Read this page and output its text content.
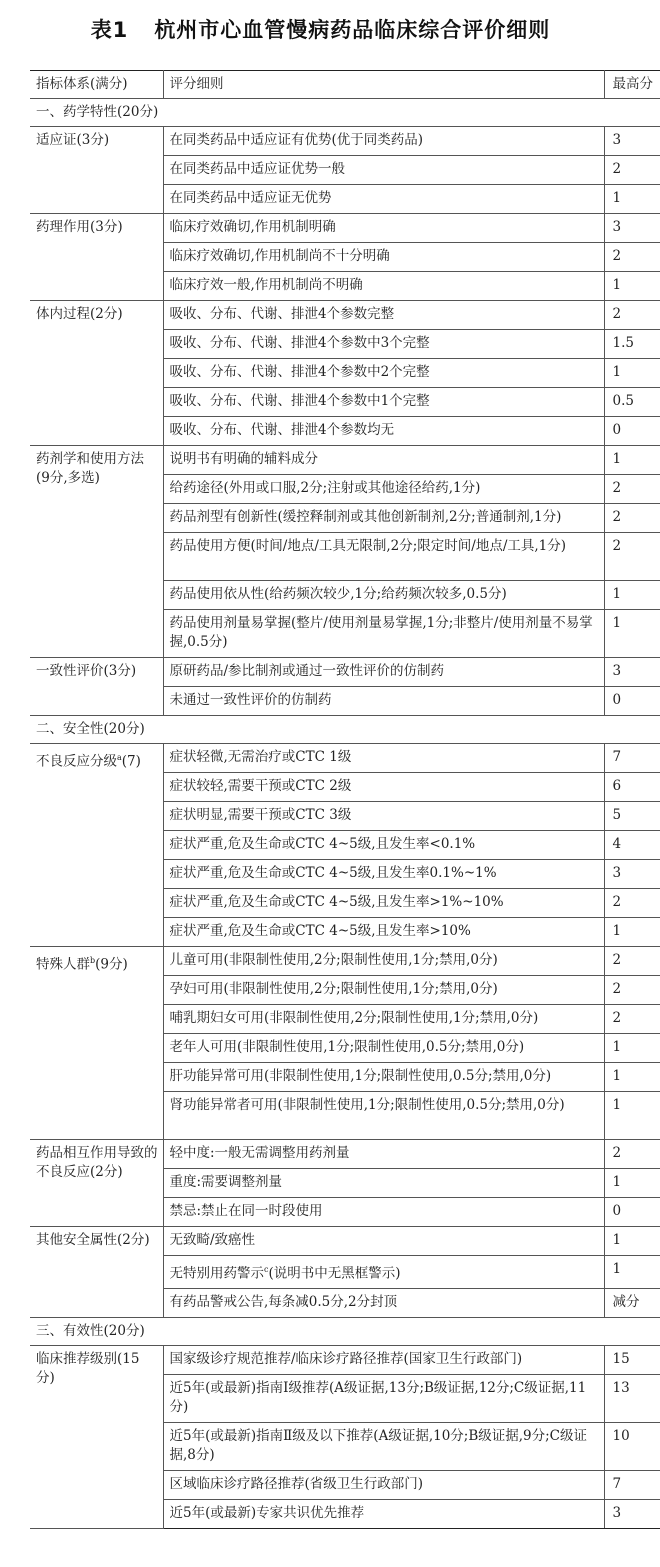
表1 杭州市心血管慢病药品临床综合评价细则
指标体系(满分)	评分细则	最高分
一、药学特性(20分)		
适应证(3分)	在同类药品中适应证有优势(优于同类药品)	3
	在同类药品中适应证优势一般	2
	在同类药品中适应证无优势	1
药理作用(3分)	临床疗效确切,作用机制明确	3
	临床疗效确切,作用机制尚不十分明确	2
	临床疗效一般,作用机制尚不明确	1
体内过程(2分)	吸收、分布、代谢、排泄4个参数完整	2
	吸收、分布、代谢、排泄4个参数中3个完整	1.5
	吸收、分布、代谢、排泄4个参数中2个完整	1
	吸收、分布、代谢、排泄4个参数中1个完整	0.5
	吸收、分布、代谢、排泄4个参数均无	0
药剂学和使用方法(9分,多选)	说明书有明确的辅料成分	1
	给药途径(外用或口服,2分;注射或其他途径给药,1分)	2
	药品剂型有创新性(缓控释制剂或其他创新制剂,2分;普通制剂,1分)	2
	药品使用方便(时间/地点/工具无限制,2分;限定时间/地点/工具,1分)	2
	药品使用依从性(给药频次较少,1分;给药频次较多,0.5分)	1
	药品使用剂量易掌握(整片/使用剂量易掌握,1分;非整片/使用剂量不易掌握,0.5分)	1
一致性评价(3分)	原研药品/参比制剂或通过一致性评价的仿制药	3
	未通过一致性评价的仿制药	0
二、安全性(20分)		
不良反应分级$^a$(7)	症状轻微,无需治疗或CTC 1级	7
	症状较轻,需要干预或CTC 2级	6
	症状明显,需要干预或CTC 3级	5
	症状严重,危及生命或CTC 4~5级,且发生率<0.1%	4
	症状严重,危及生命或CTC 4~5级,且发生率0.1%~1%	3
	症状严重,危及生命或CTC 4~5级,且发生率>1%~10%	2
	症状严重,危及生命或CTC 4~5级,且发生率>10%	1
特殊人群$^b$(9分)	儿童可用(非限制性使用,2分;限制性使用,1分;禁用,0分)	2
	孕妇可用(非限制性使用,2分;限制性使用,1分;禁用,0分)	2
	哺乳期妇女可用(非限制性使用,2分;限制性使用,1分;禁用,0分)	2
	老年人可用(非限制性使用,1分;限制性使用,0.5分;禁用,0分)	1
	肝功能异常可用(非限制性使用,1分;限制性使用,0.5分;禁用,0分)	1
	肾功能异常者可用(非限制性使用,1分;限制性使用,0.5分;禁用,0分)	1
药品相互作用导致的不良反应(2分)	轻中度:一般无需调整用药剂量	2
	重度:需要调整剂量	1
	禁忌:禁止在同一时段使用	0
其他安全属性(2分)	无致畸/致癌性	1
	无特别用药警示$^c$(说明书中无黑框警示)	1
	有药品警戒公告,每条减0.5分,2分封顶	减分
三、有效性(20分)		
临床推荐级别(15分)	国家级诊疗规范推荐/临床诊疗路径推荐(国家卫生行政部门)	15
	近5年(或最新)指南Ⅰ级推荐(A级证据,13分;B级证据,12分;C级证据,11分)	13
	近5年(或最新)指南Ⅱ级及以下推荐(A级证据,10分;B级证据,9分;C级证据,8分)	10
	区域临床诊疗路径推荐(省级卫生行政部门)	7
	近5年(或最新)专家共识优先推荐	3
